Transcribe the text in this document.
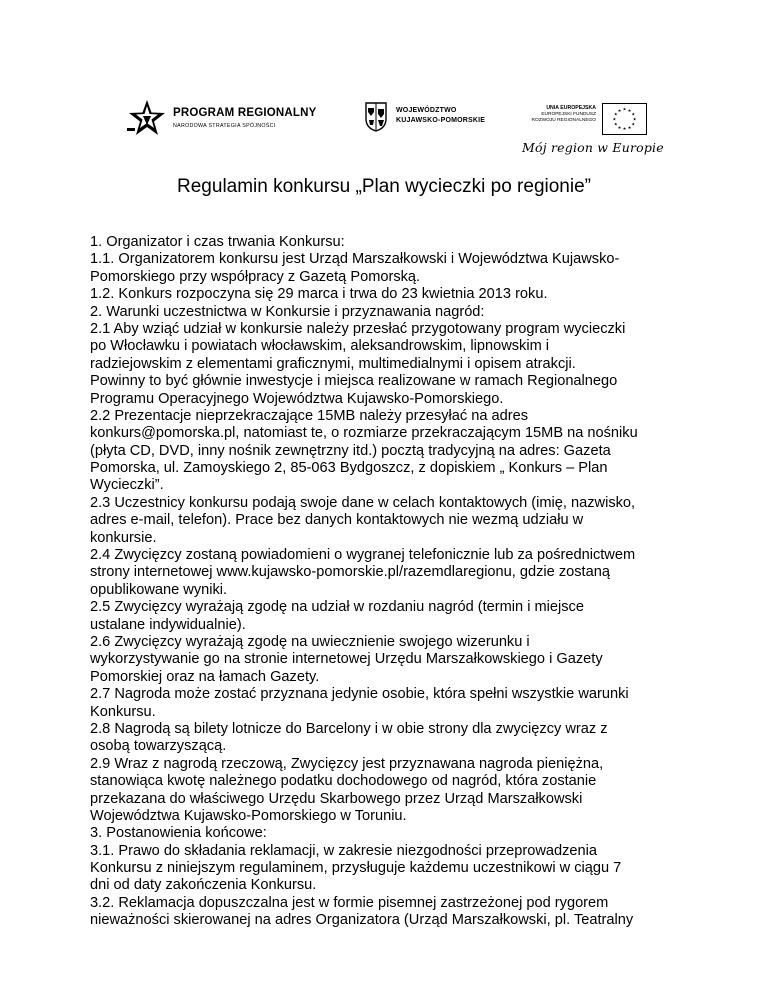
PROGRAM REGIONALNY
NARODOWA STRATEGIA SPÓJNOŚCI
WOJEWÓDZTWO
KUJAWSKO-POMORSKIE
UNIA EUROPEJSKA
EUROPEJSKI FUNDUSZ
ROZWOJU REGIONALNEGO
★ ★
★
★
★
★
★
★
★
★
★
★
Mój region w Europie
Regulamin konkursu „Plan wycieczki po regionie”
1. Organizator i czas trwania Konkursu:
1.1. Organizatorem konkursu jest Urząd Marszałkowski i Województwa Kujawsko-
Pomorskiego przy współpracy z Gazetą Pomorską.
1.2. Konkurs rozpoczyna się 29 marca i trwa do 23 kwietnia 2013 roku.
2. Warunki uczestnictwa w Konkursie i przyznawania nagród:
2.1 Aby wziąć udział w konkursie należy przesłać przygotowany program wycieczki
po Włocławku i powiatach włocławskim, aleksandrowskim, lipnowskim i
radziejowskim z elementami graficznymi, multimedialnymi i opisem atrakcji.
Powinny to być głównie inwestycje i miejsca realizowane w ramach Regionalnego
Programu Operacyjnego Województwa Kujawsko-Pomorskiego.
2.2 Prezentacje nieprzekraczające 15MB należy przesyłać na adres
konkurs@pomorska.pl, natomiast te, o rozmiarze przekraczającym 15MB na nośniku
(płyta CD, DVD, inny nośnik zewnętrzny itd.) pocztą tradycyjną na adres: Gazeta
Pomorska, ul. Zamoyskiego 2, 85-063 Bydgoszcz, z dopiskiem „ Konkurs – Plan
Wycieczki”.
2.3 Uczestnicy konkursu podają swoje dane w celach kontaktowych (imię, nazwisko,
adres e-mail, telefon). Prace bez danych kontaktowych nie wezmą udziału w
konkursie.
2.4 Zwycięzcy zostaną powiadomieni o wygranej telefonicznie lub za pośrednictwem
strony internetowej www.kujawsko-pomorskie.pl/razemdlaregionu, gdzie zostaną
opublikowane wyniki.
2.5 Zwycięzcy wyrażają zgodę na udział w rozdaniu nagród (termin i miejsce
ustalane indywidualnie).
2.6 Zwycięzcy wyrażają zgodę na uwiecznienie swojego wizerunku i
wykorzystywanie go na stronie internetowej Urzędu Marszałkowskiego i Gazety
Pomorskiej oraz na łamach Gazety.
2.7 Nagroda może zostać przyznana jedynie osobie, która spełni wszystkie warunki
Konkursu.
2.8 Nagrodą są bilety lotnicze do Barcelony i w obie strony dla zwycięzcy wraz z
osobą towarzyszącą.
2.9 Wraz z nagrodą rzeczową, Zwycięzcy jest przyznawana nagroda pieniężna,
stanowiąca kwotę należnego podatku dochodowego od nagród, która zostanie
przekazana do właściwego Urzędu Skarbowego przez Urząd Marszałkowski
Województwa Kujawsko-Pomorskiego w Toruniu.
3. Postanowienia końcowe:
3.1. Prawo do składania reklamacji, w zakresie niezgodności przeprowadzenia
Konkursu z niniejszym regulaminem, przysługuje każdemu uczestnikowi w ciągu 7
dni od daty zakończenia Konkursu.
3.2. Reklamacja dopuszczalna jest w formie pisemnej zastrzeżonej pod rygorem
nieważności skierowanej na adres Organizatora (Urząd Marszałkowski, pl. Teatralny
